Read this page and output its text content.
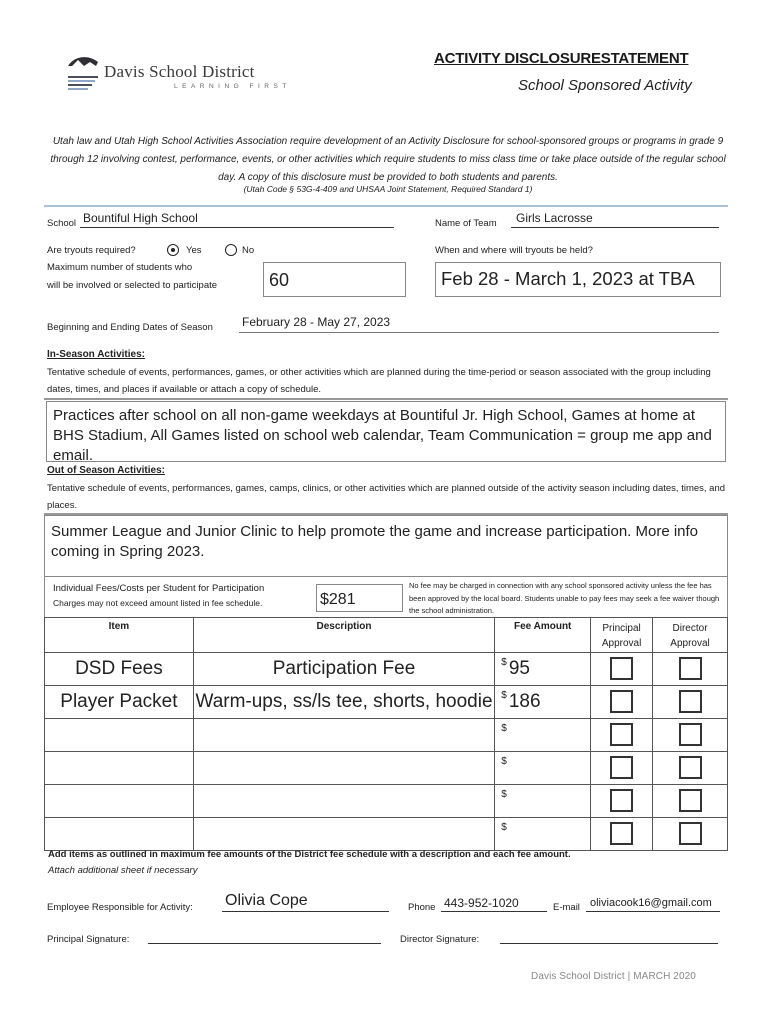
Davis School District
LEARNING FIRST
ACTIVITY DISCLOSURESTATEMENT
School Sponsored Activity
Utah law and Utah High School Activities Association require development of an Activity Disclosure for school-sponsored groups or programs in grade 9 through 12 involving contest, performance, events, or other activities which require students to miss class time or take place outside of the regular school day. A copy of this disclosure must be provided to both students and parents.
(Utah Code § 53G-4-409 and UHSAA Joint Statement, Required Standard 1)
School Bountiful High School	Name of Team Girls Lacrosse
Are tryouts required?	Yes	No
Maximum number of students who
will be involved or selected to participate	60
When and where will tryouts be held?
Feb 28 - March 1, 2023 at TBA
Beginning and Ending Dates of Season February 28 - May 27, 2023
In-Season Activities:
Tentative schedule of events, performances, games, or other activities which are planned during the time-period or season associated with the group including dates, times, and places if available or attach a copy of schedule.
Practices after school on all non-game weekdays at Bountiful Jr. High School, Games at home at BHS Stadium, All Games listed on school web calendar, Team Communication = group me app and email.
Out of Season Activities:
Tentative schedule of events, performances, games, camps, clinics, or other activities which are planned outside of the activity season including dates, times, and places.
Summer League and Junior Clinic to help promote the game and increase participation. More info coming in Spring 2023.
Individual Fees/Costs per Student for Participation
Charges may not exceed amount listed in fee schedule.	$281
No fee may be charged in connection with any school sponsored activity unless the fee has been approved by the local board. Students unable to pay fees may seek a fee waiver though the school administration.
Item	Description	Fee Amount	Principal Approval	Director Approval
DSD Fees	Participation Fee	$ 95		
Player Packet	Warm-ups, ss/ls tee, shorts, hoodie	$ 186		
		$		
		$		
		$		
		$		
Add items as outlined in maximum fee amounts of the District fee schedule with a description and each fee amount.
Attach additional sheet if necessary
Employee Responsible for Activity: Olivia Cope	Phone 443-952-1020	E-mail oliviacook16@gmail.com
Principal Signature:	Director Signature:
Davis School District | MARCH 2020
